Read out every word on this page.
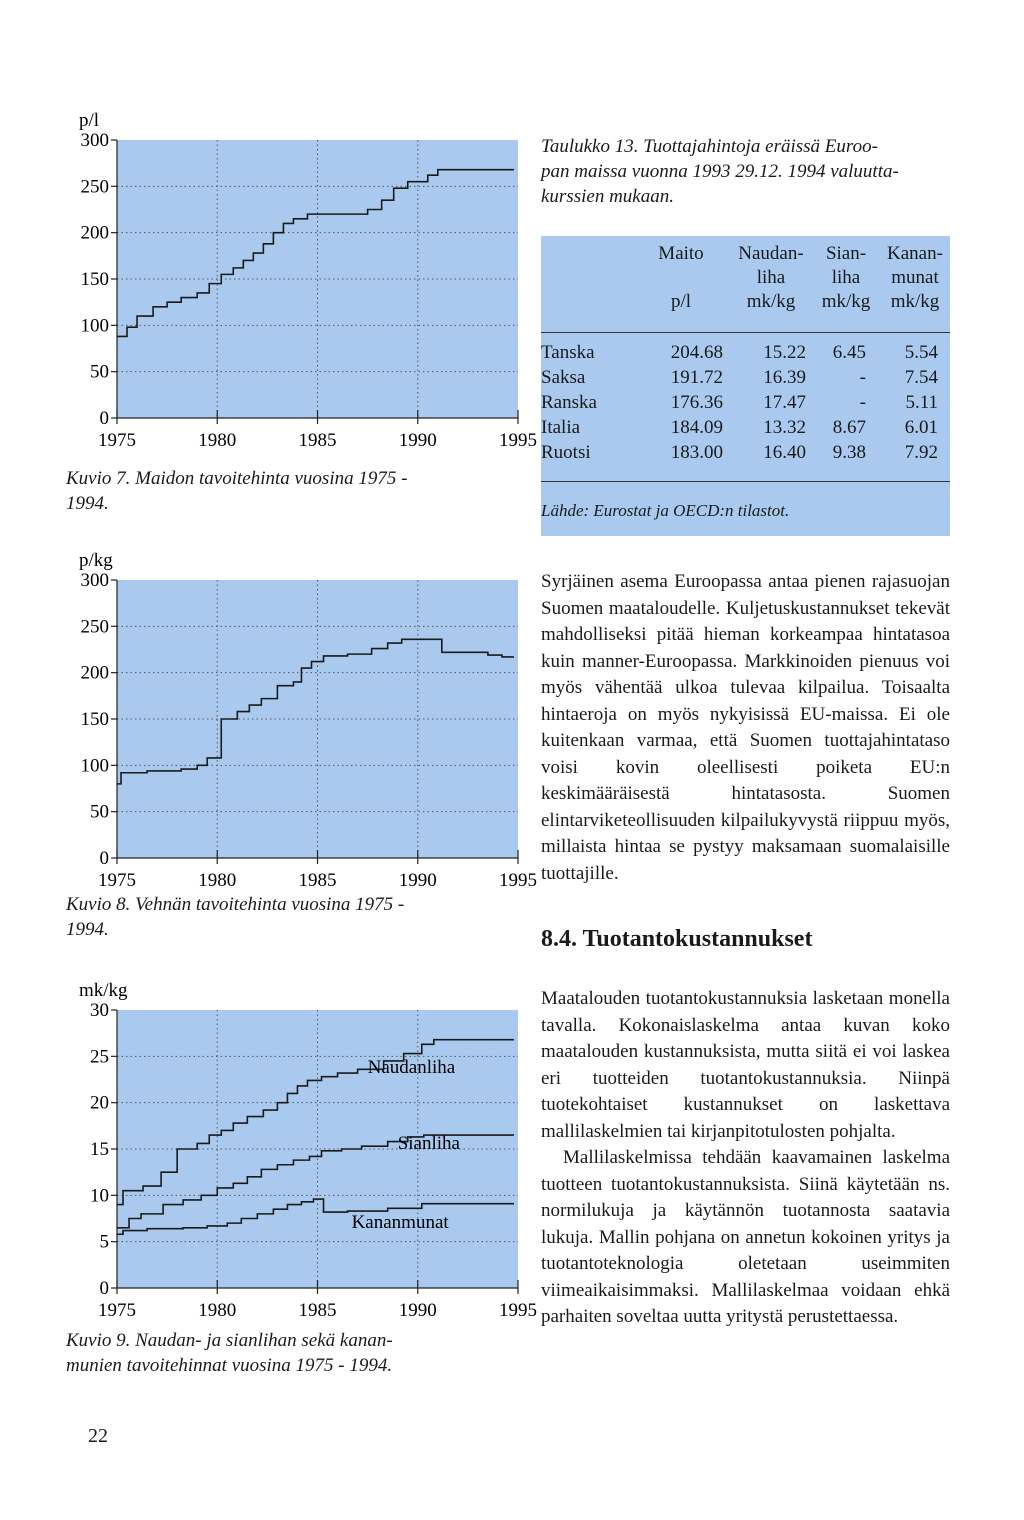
0
50
100
150
200
250
300
1975	1980	1985	1990	1995
p/l
Kuvio 7. Maidon tavoitehinta vuosina 1975 -
1994.
0
50
100
150
200
250
300
1975	1980	1985	1990	1995
p/kg
Kuvio 8. Vehnän tavoitehinta vuosina 1975 -
1994.
0
5
10
15
20
25
30
1975	1980	1985	1990	1995
mk/kg
Naudanliha
Sianliha
Kananmunat
Kuvio 9. Naudan- ja sianlihan sekä kanan-
munien tavoitehinnat vuosina 1975 - 1994.
Taulukko 13. Tuottajahintoja eräissä Euroo-
pan maissa vuonna 1993 29.12. 1994 valuutta-
kurssien mukaan.
Maito

p/l
Naudan-
liha
mk/kg
Sian-
liha
mk/kg
Kanan-
munat
mk/kg
Tanska	204.68	15.22	6.45	5.54
Saksa	191.72	16.39	-	7.54
Ranska	176.36	17.47	-	5.11
Italia	184.09	13.32	8.67	6.01
Ruotsi	183.00	16.40	9.38	7.92
Lähde: Eurostat ja OECD:n tilastot.

Syrjäinen asema Euroopassa antaa pienen rajasuojan Suomen maataloudelle. Kuljetuskustannukset tekevät mahdolliseksi pitää hieman korkeampaa hintatasoa kuin manner-Euroopassa. Markkinoiden pienuus voi myös vähentää ulkoa tulevaa kilpailua. Toisaalta hintaeroja on myös nykyisissä EU-maissa. Ei ole kuitenkaan varmaa, että Suomen tuottajahintataso voisi kovin oleellisesti poiketa EU:n keskimääräisestä hintatasosta. Suomen elintarviketeollisuuden kilpailukyvystä riippuu myös, millaista hintaa se pystyy maksamaan suomalaisille tuottajille.

8.4. Tuotantokustannukset

Maatalouden tuotantokustannuksia lasketaan monella tavalla. Kokonaislaskelma antaa kuvan koko maatalouden kustannuksista, mutta siitä ei voi laskea eri tuotteiden tuotantokustannuksia. Niinpä tuotekohtaiset kustannukset on laskettava mallilaskelmien tai kirjanpitotulosten pohjalta.

Mallilaskelmissa tehdään kaavamainen laskelma tuotteen tuotantokustannuksista. Siinä käytetään ns. normilukuja ja käytännön tuotannosta saatavia lukuja. Mallin pohjana on annetun kokoinen yritys ja tuotantoteknologia oletetaan useimmiten viimeaikaisimmaksi. Mallilaskelmaa voidaan ehkä parhaiten soveltaa uutta yritystä perustettaessa.

22
